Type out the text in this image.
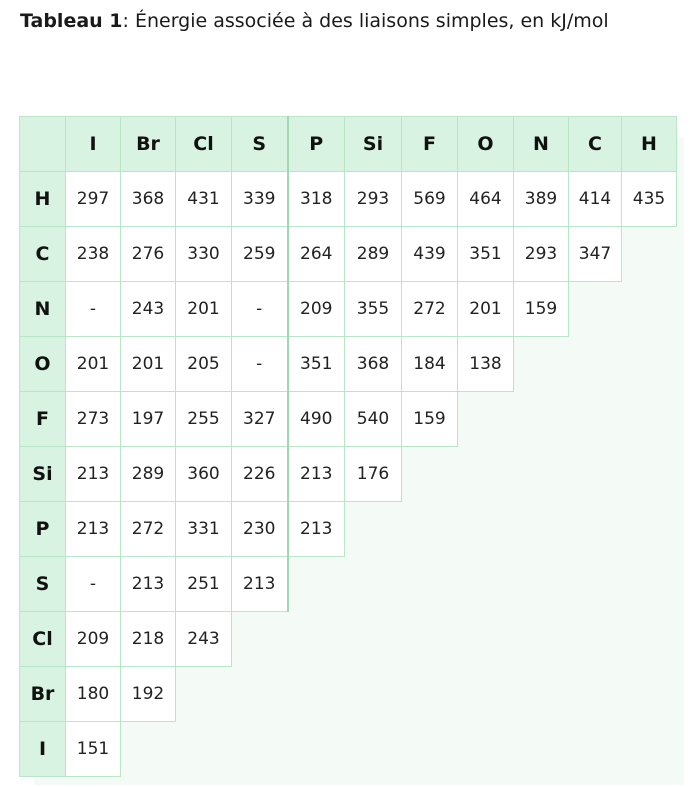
Tableau 1: Énergie associée à des liaisons simples, en kJ/mol
	I	Br	Cl	S	P	Si	F	O	N	C	H
H	297	368	431	339	318	293	569	464	389	414	435
C	238	276	330	259	264	289	439	351	293	347	
N	-	243	201	-	209	355	272	201	159		
O	201	201	205	-	351	368	184	138			
F	273	197	255	327	490	540	159				
Si	213	289	360	226	213	176					
P	213	272	331	230	213						
S	-	213	251	213							
Cl	209	218	243								
Br	180	192									
I	151										
